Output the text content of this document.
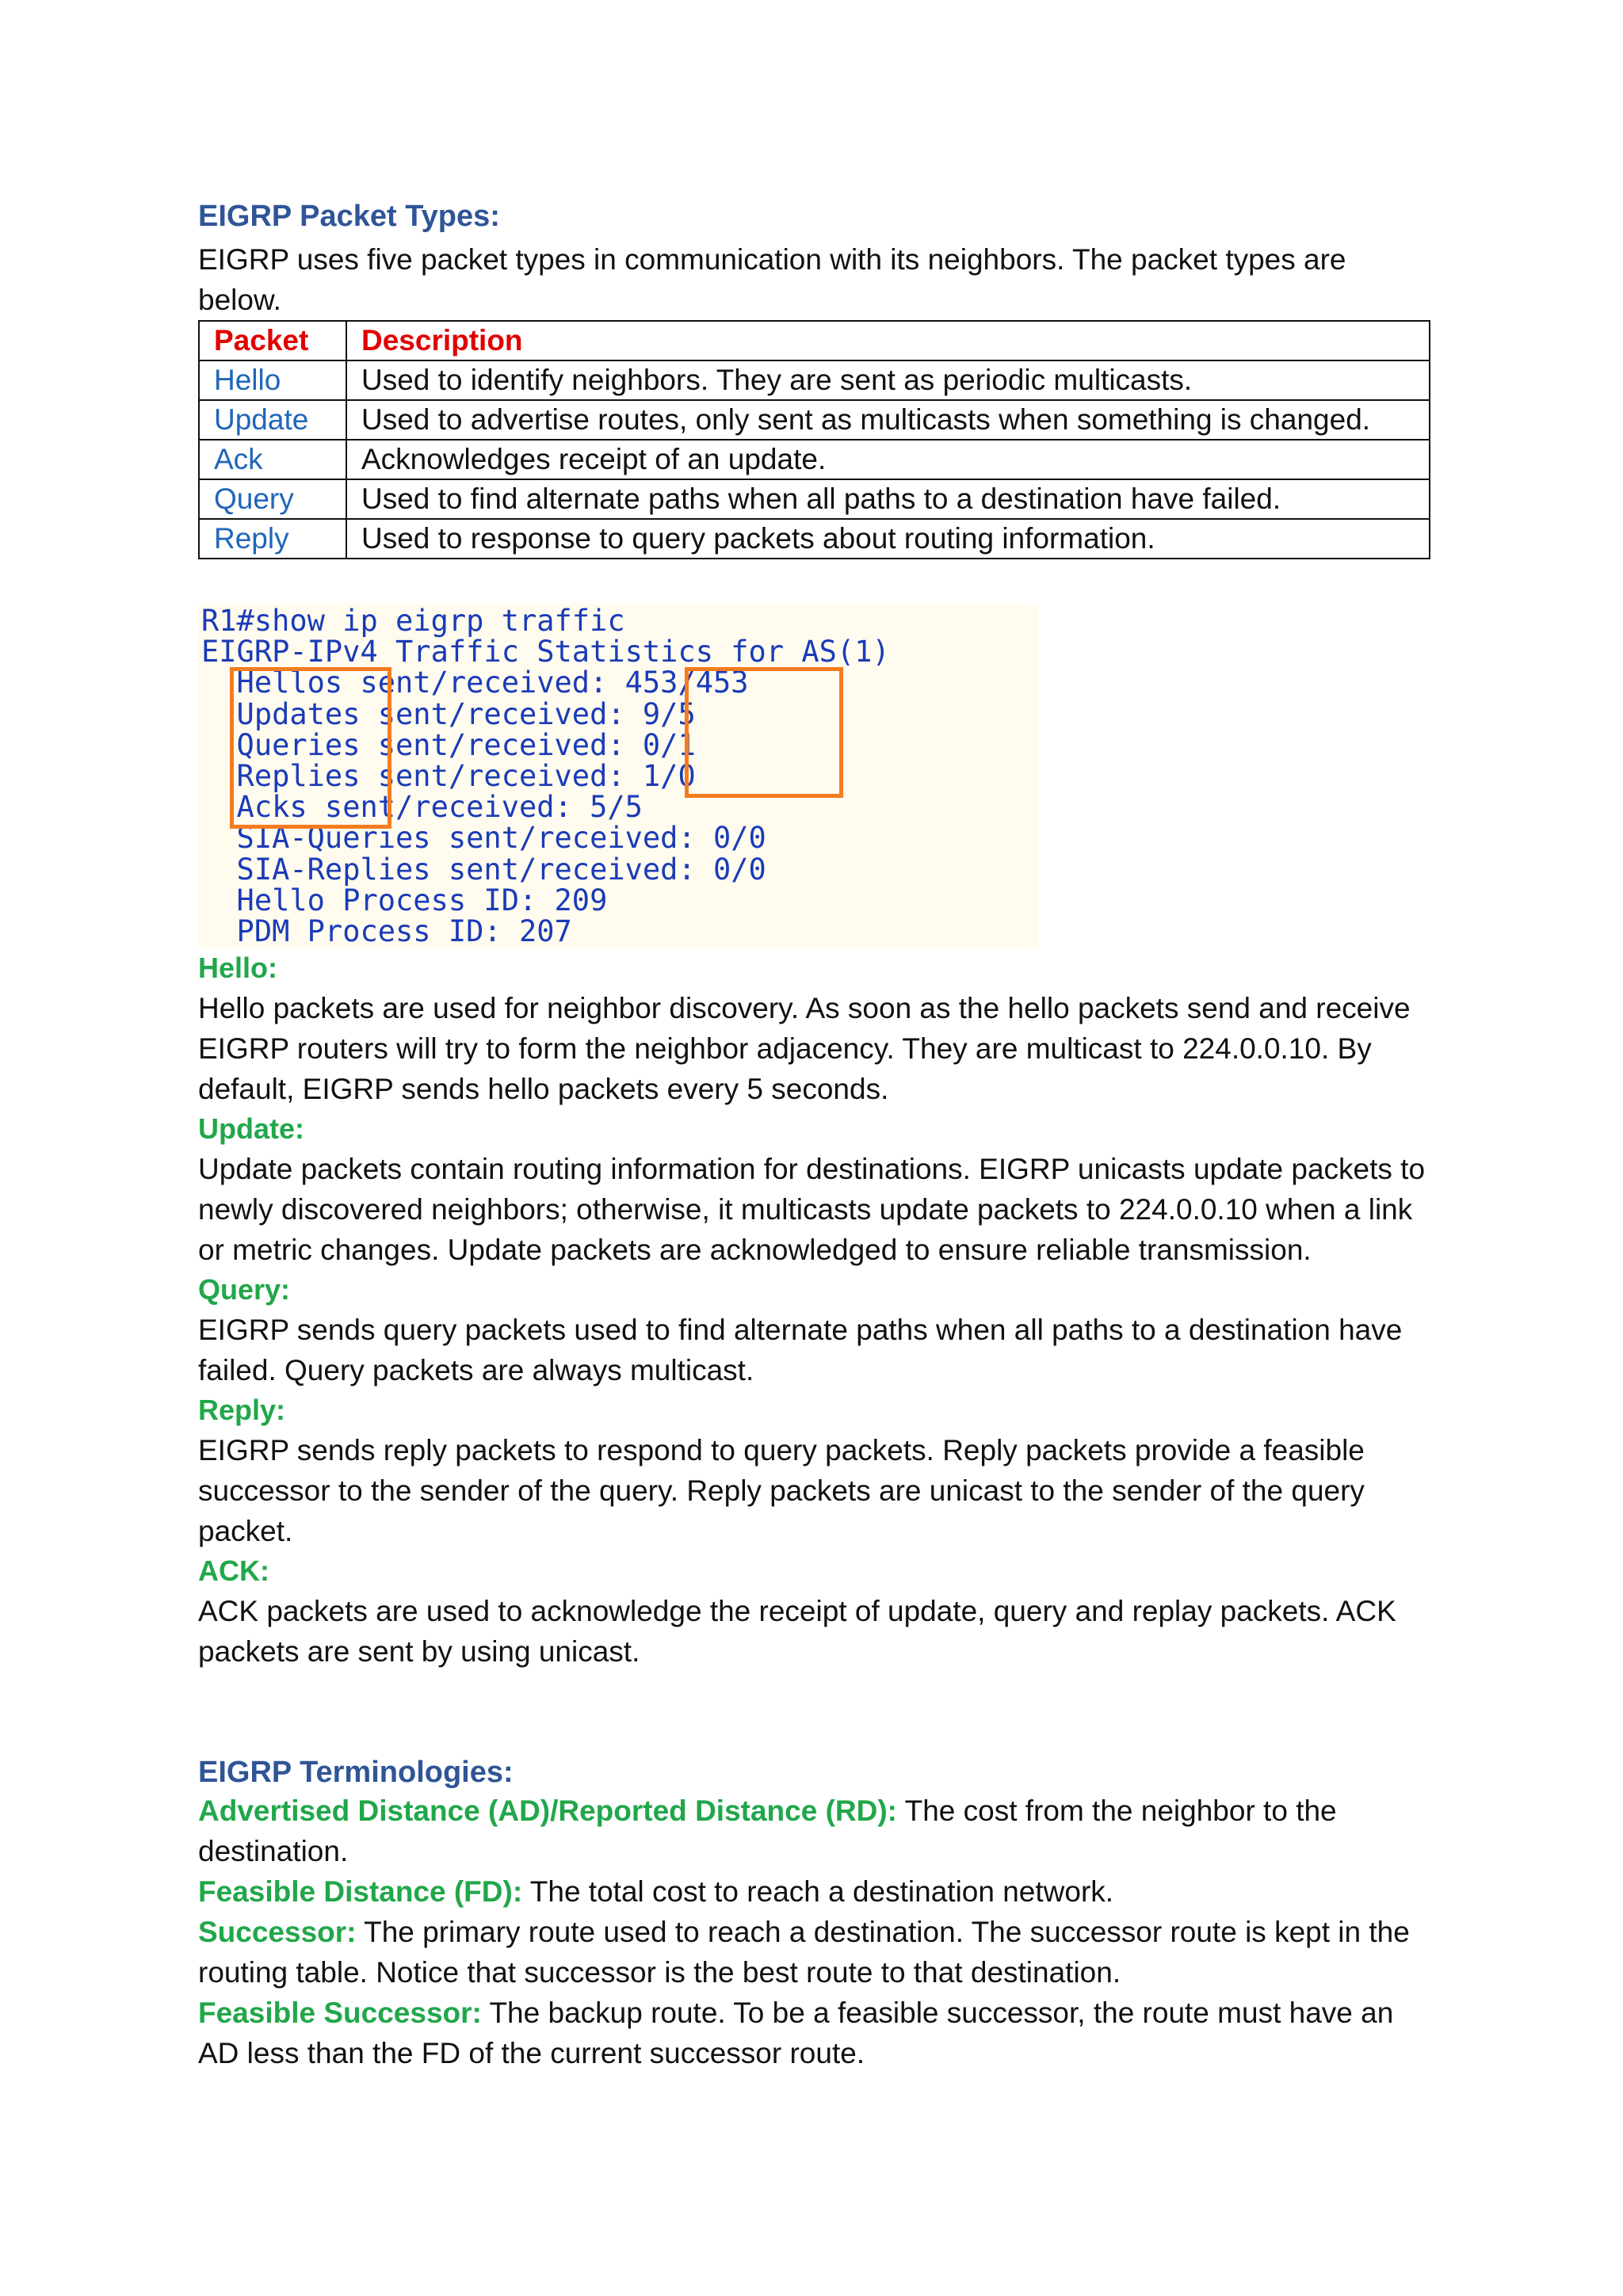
EIGRP Packet Types:

EIGRP uses five packet types in communication with its neighbors. The packet types are below.

Packet	Description
Hello	Used to identify neighbors. They are sent as periodic multicasts.
Update	Used to advertise routes, only sent as multicasts when something is changed.
Ack	Acknowledges receipt of an update.
Query	Used to find alternate paths when all paths to a destination have failed.
Reply	Used to response to query packets about routing information.
R1#show ip eigrp traffic
EIGRP-IPv4 Traffic Statistics for AS(1)
Hellos sent/received: 453/453
Updates sent/received: 9/5
Queries sent/received: 0/1
Replies sent/received: 1/0
Acks sent/received: 5/5
SIA-Queries sent/received: 0/0
SIA-Replies sent/received: 0/0
Hello Process ID: 209
PDM Process ID: 207

Hello:

Hello packets are used for neighbor discovery. As soon as the hello packets send and receive EIGRP routers will try to form the neighbor adjacency. They are multicast to 224.0.0.10. By default, EIGRP sends hello packets every 5 seconds.

Update:

Update packets contain routing information for destinations. EIGRP unicasts update packets to newly discovered neighbors; otherwise, it multicasts update packets to 224.0.0.10 when a link or metric changes. Update packets are acknowledged to ensure reliable transmission.

Query:

EIGRP sends query packets used to find alternate paths when all paths to a destination have failed. Query packets are always multicast.

Reply:

EIGRP sends reply packets to respond to query packets. Reply packets provide a feasible successor to the sender of the query. Reply packets are unicast to the sender of the query packet.

ACK:

ACK packets are used to acknowledge the receipt of update, query and replay packets. ACK packets are sent by using unicast.

EIGRP Terminologies:

Advertised Distance (AD)/Reported Distance (RD): The cost from the neighbor to the destination.

Feasible Distance (FD): The total cost to reach a destination network.

Successor: The primary route used to reach a destination. The successor route is kept in the routing table. Notice that successor is the best route to that destination.

Feasible Successor: The backup route. To be a feasible successor, the route must have an AD less than the FD of the current successor route.
